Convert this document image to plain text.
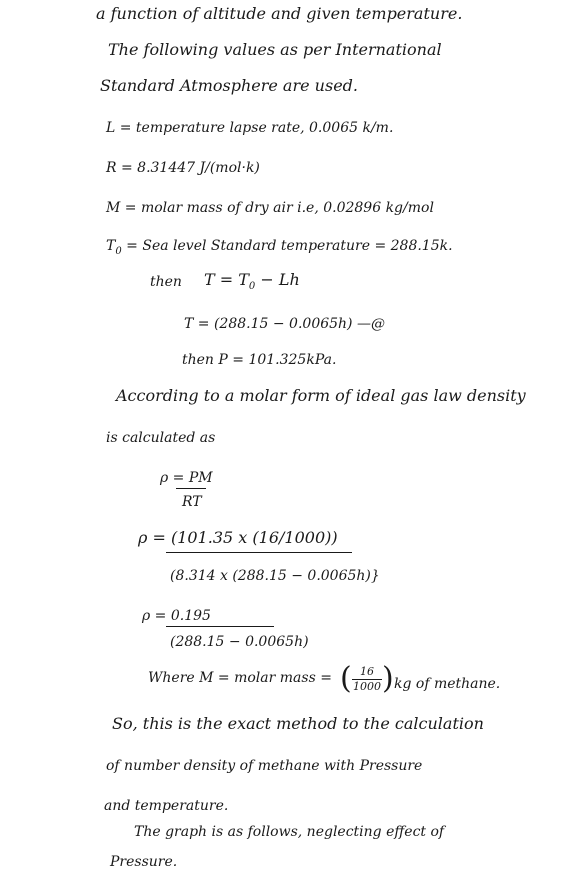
a function of altitude and given temperature.
The following values as per International
Standard Atmosphere are used.
L = temperature lapse rate, 0.0065 k/m.
R = 8.31447 J/(mol·k)
M = molar mass of dry air i.e, 0.02896 kg/mol
$T_0$ = Sea level Standard temperature = 288.15k.
then $T = T_0 - Lh$
T = (288.15 − 0.0065h) —@
then P = 101.325kPa.
According to a molar form of ideal gas law density
is calculated as
ρ = PM
RT
ρ = (101.35 x (16/1000))
(8.314 x (288.15 − 0.0065h)}
ρ = 0.195
(288.15 − 0.0065h)
Where M = molar mass = ( 16
1000 ) kg of methane.
So, this is the exact method to the calculation
of number density of methane with Pressure
and temperature.
The graph is as follows, neglecting effect of
Pressure.
